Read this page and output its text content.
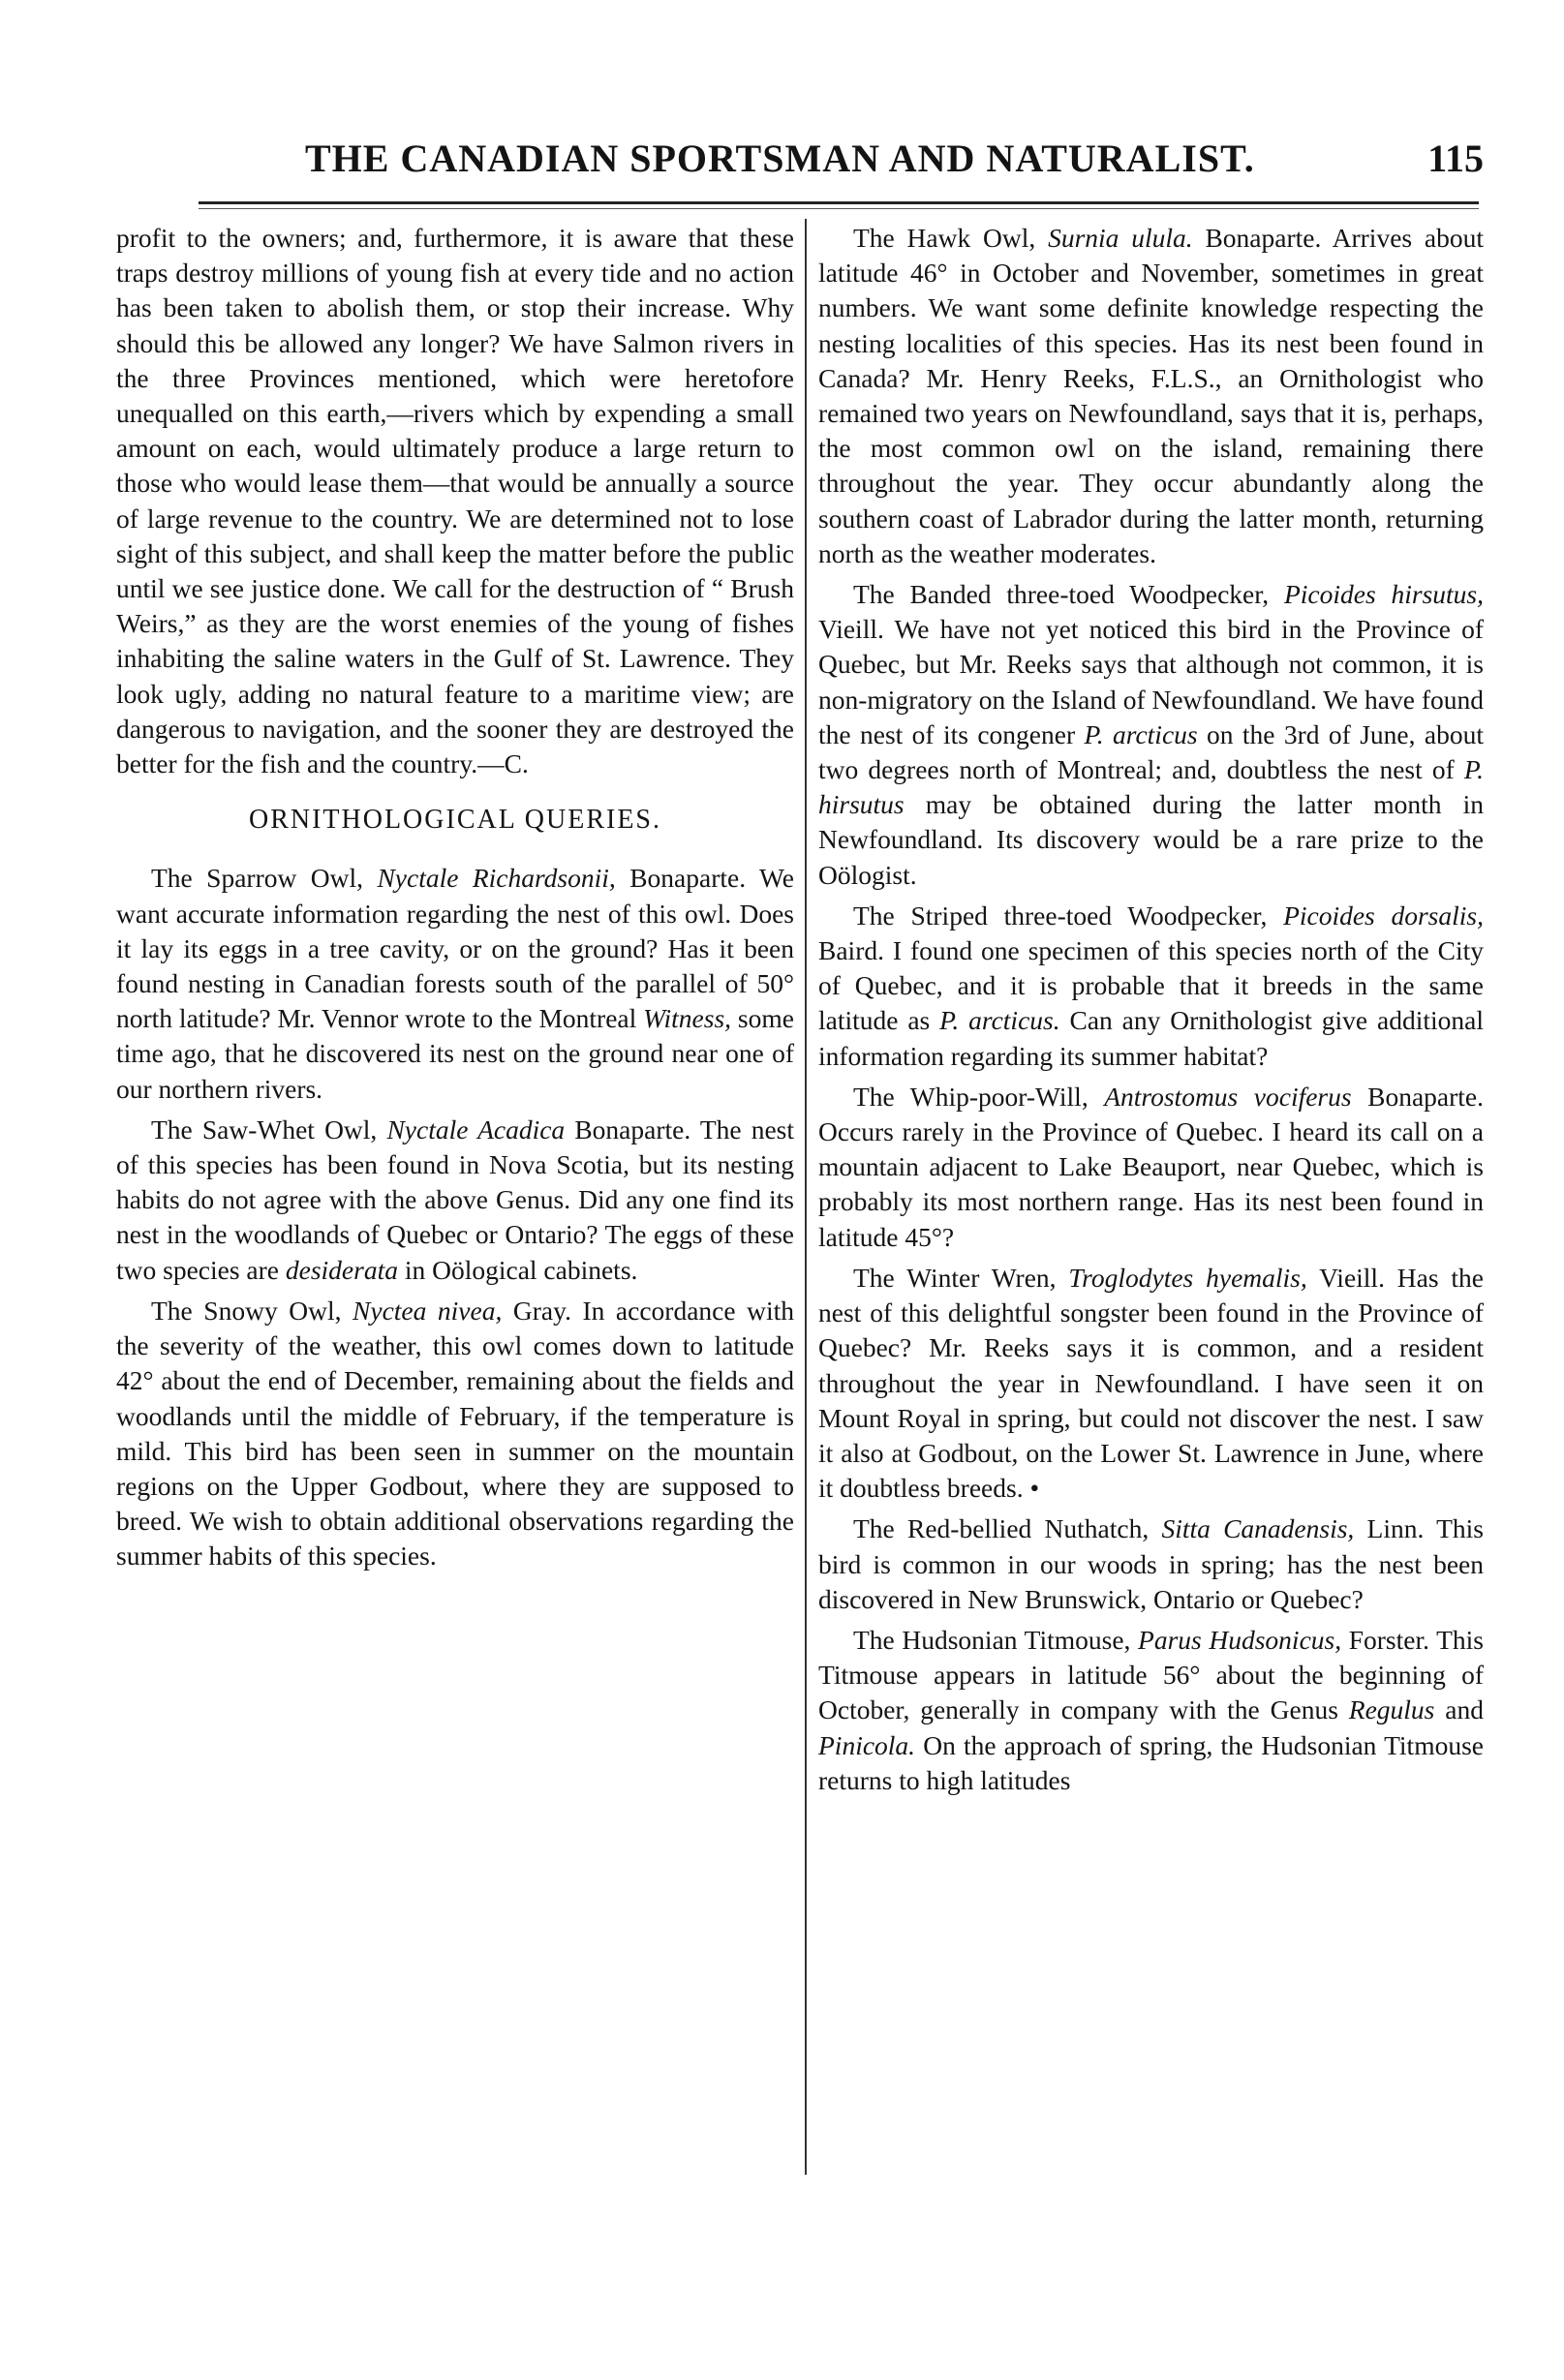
THE CANADIAN SPORTSMAN AND NATURALIST.	115

profit to the owners; and, furthermore, it is aware that these traps destroy millions of young fish at every tide and no action has been taken to abolish them, or stop their increase. Why should this be allowed any longer? We have Salmon rivers in the three Provinces mentioned, which were heretofore unequalled on this earth,—rivers which by expending a small amount on each, would ultimately produce a large return to those who would lease them—that would be annually a source of large revenue to the country. We are determined not to lose sight of this subject, and shall keep the matter before the public until we see justice done. We call for the destruction of “ Brush Weirs,” as they are the worst enemies of the young of fishes inhabiting the saline waters in the Gulf of St. Lawrence. They look ugly, adding no natural feature to a maritime view; are dangerous to navigation, and the sooner they are destroyed the better for the fish and the country.—C.

ORNITHOLOGICAL QUERIES.

The Sparrow Owl, Nyctale Richardsonii, Bonaparte. We want accurate information regarding the nest of this owl. Does it lay its eggs in a tree cavity, or on the ground? Has it been found nesting in Canadian forests south of the parallel of 50° north latitude? Mr. Vennor wrote to the Montreal Witness, some time ago, that he discovered its nest on the ground near one of our northern rivers.

The Saw-Whet Owl, Nyctale Acadica Bonaparte. The nest of this species has been found in Nova Scotia, but its nesting habits do not agree with the above Genus. Did any one find its nest in the woodlands of Quebec or Ontario? The eggs of these two species are desiderata in Oölogical cabinets.

The Snowy Owl, Nyctea nivea, Gray. In accordance with the severity of the weather, this owl comes down to latitude 42° about the end of December, remaining about the fields and woodlands until the middle of February, if the temperature is mild. This bird has been seen in summer on the mountain regions on the Upper Godbout, where they are supposed to breed. We wish to obtain additional observations regarding the summer habits of this species.

The Hawk Owl, Surnia ulula. Bonaparte. Arrives about latitude 46° in October and November, sometimes in great numbers. We want some definite knowledge respecting the nesting localities of this species. Has its nest been found in Canada? Mr. Henry Reeks, F.L.S., an Ornithologist who remained two years on Newfoundland, says that it is, perhaps, the most common owl on the island, remaining there throughout the year. They occur abundantly along the southern coast of Labrador during the latter month, returning north as the weather moderates.

The Banded three-toed Woodpecker, Picoides hirsutus, Vieill. We have not yet noticed this bird in the Province of Quebec, but Mr. Reeks says that although not common, it is non-migratory on the Island of Newfoundland. We have found the nest of its congener P. arcticus on the 3rd of June, about two degrees north of Montreal; and, doubtless the nest of P. hirsutus may be obtained during the latter month in Newfoundland. Its discovery would be a rare prize to the Oölogist.

The Striped three-toed Woodpecker, Picoides dorsalis, Baird. I found one specimen of this species north of the City of Quebec, and it is probable that it breeds in the same latitude as P. arcticus. Can any Ornithologist give additional information regarding its summer habitat?

The Whip-poor-Will, Antrostomus vociferus Bonaparte. Occurs rarely in the Province of Quebec. I heard its call on a mountain adjacent to Lake Beauport, near Quebec, which is probably its most northern range. Has its nest been found in latitude 45°?

The Winter Wren, Troglodytes hyemalis, Vieill. Has the nest of this delightful songster been found in the Province of Quebec? Mr. Reeks says it is common, and a resident throughout the year in Newfoundland. I have seen it on Mount Royal in spring, but could not discover the nest. I saw it also at Godbout, on the Lower St. Lawrence in June, where it doubtless breeds. •

The Red-bellied Nuthatch, Sitta Canadensis, Linn. This bird is common in our woods in spring; has the nest been discovered in New Brunswick, Ontario or Quebec?

The Hudsonian Titmouse, Parus Hudsonicus, Forster. This Titmouse appears in latitude 56° about the beginning of October, generally in company with the Genus Regulus and Pinicola. On the approach of spring, the Hudsonian Titmouse returns to high latitudes
